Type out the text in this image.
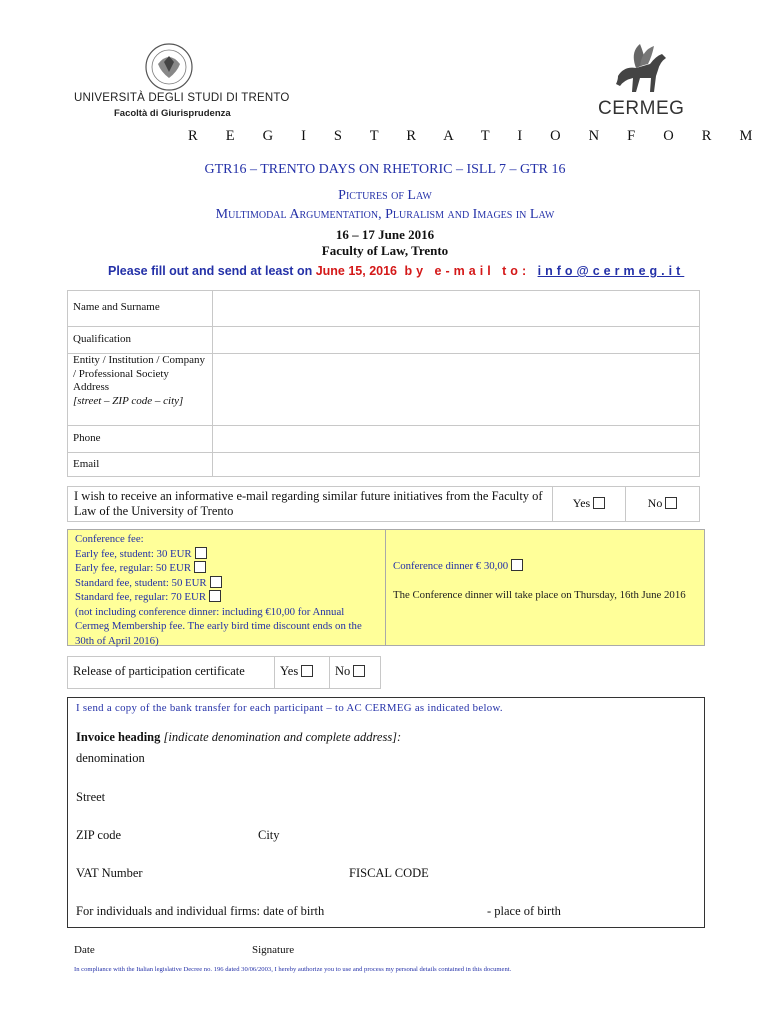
UNIVERSITÀ DEGLI STUDI DI TRENTO
Facoltà di Giurisprudenza	CERMEG
R E G I S T R A T I O N F O R M
GTR16 – TRENTO DAYS ON RHETORIC – ISLL 7 – GTR 16
Pictures of Law
Multimodal Argumentation, Pluralism and Images in Law
16 – 17 June 2016
Faculty of Law, Trento
Please fill out and send at least on June 15, 2016 by e-mail to: info@cermeg.it
Name and Surname	
Qualification	

Entity / Institution / Company / Professional Society
Address
[street – ZIP code – city]	

Phone	
Email	
I wish to receive an informative e-mail regarding similar future initiatives from the Faculty of Law of the University of Trento
Yes	No
Conference fee:
Early fee, student: 30 EUR
Early fee, regular: 50 EUR
Standard fee, student: 50 EUR
Standard fee, regular: 70 EUR
(not including conference dinner: including €10,00 for Annual Cermeg Membership fee. The early bird time discount ends on the 30th of April 2016)
Conference dinner € 30,00
The Conference dinner will take place on Thursday, 16th June 2016
Release of participation certificate	Yes	No
I send a copy of the bank transfer for each participant – to AC CERMEG as indicated below.
Invoice heading [indicate denomination and complete address]:
denomination
Street
ZIP code	City
VAT Number	FISCAL CODE
For individuals and individual firms: date of birth	- place of birth
Date	Signature
In compliance with the Italian legislative Decree no. 196 dated 30/06/2003, I hereby authorize you to use and process my personal details contained in this document.
